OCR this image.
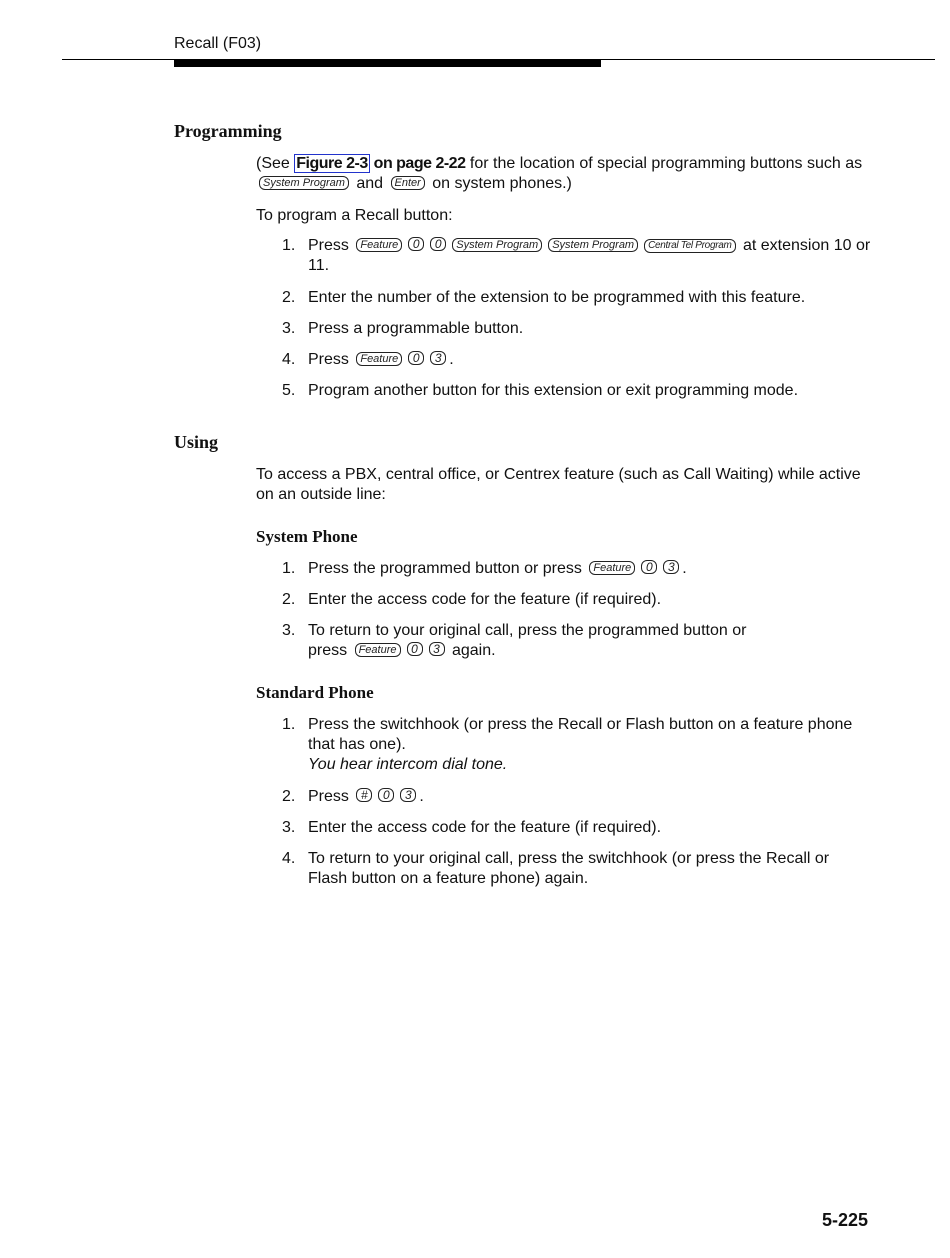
Recall (F03)
Programming
(See Figure 2-3 on page 2-22 for the location of special programming buttons such as System Program and Enter on system phones.)
To program a Recall button:
1. Press Feature 0 0 System Program System Program Central Tel Program at extension 10 or 11.
2. Enter the number of the extension to be programmed with this feature.
3. Press a programmable button.
4. Press Feature 0 3 .
5. Program another button for this extension or exit programming mode.
Using
To access a PBX, central office, or Centrex feature (such as Call Waiting) while active on an outside line:
System Phone
1. Press the programmed button or press Feature 0 3 .
2. Enter the access code for the feature (if required).
3. To return to your original call, press the programmed button or
press Feature 0 3 again.
Standard Phone
1. Press the switchhook (or press the Recall or Flash button on a feature phone that has one).
You hear intercom dial tone.
2. Press # 0 3 .
3. Enter the access code for the feature (if required).
4. To return to your original call, press the switchhook (or press the Recall or Flash button on a feature phone) again.
5-225
